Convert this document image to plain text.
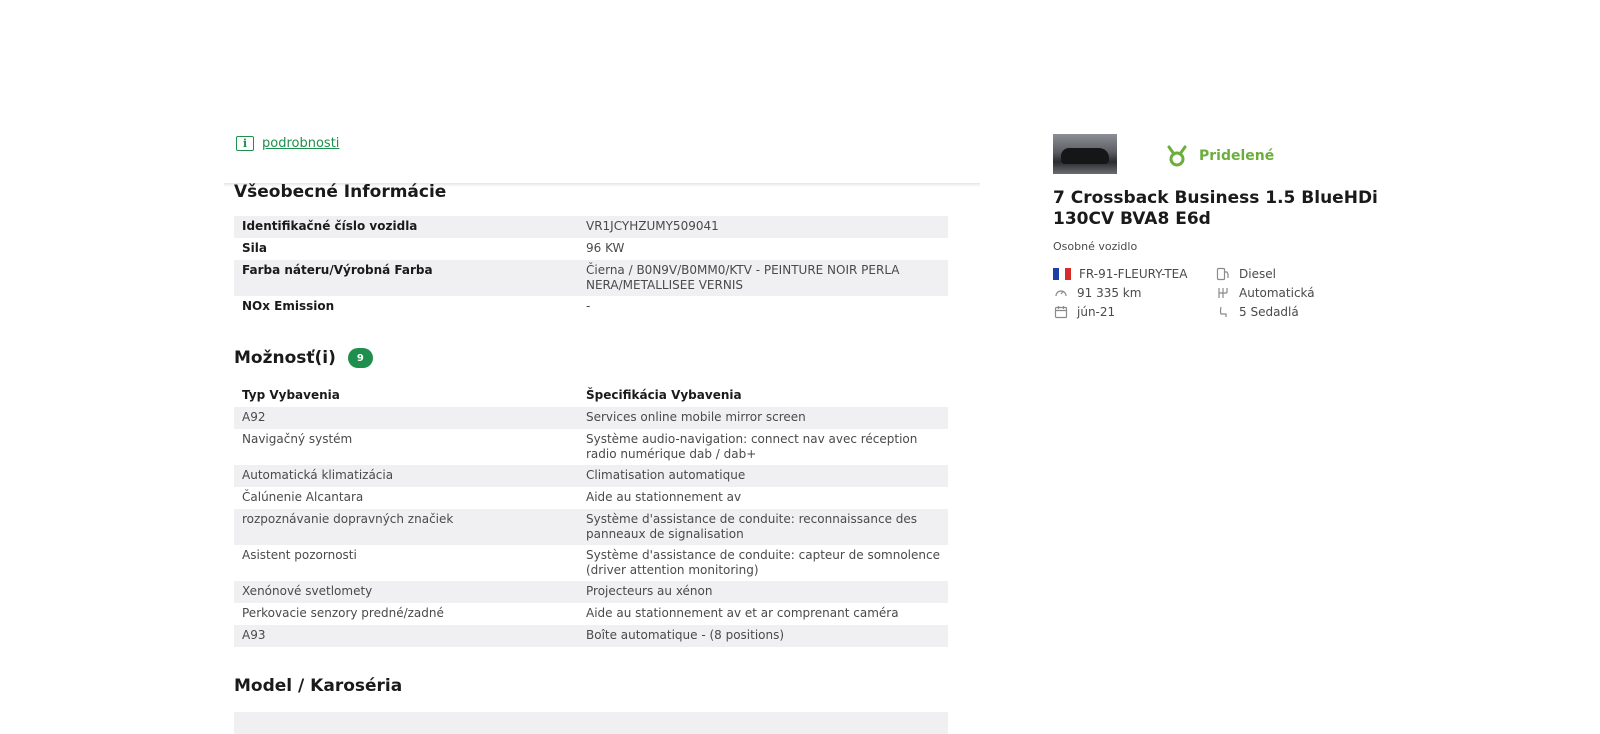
i	podrobnosti
Všeobecné Informácie
Identifikačné číslo vozidla	VR1JCYHZUMY509041
Sila	96 KW
Farba náteru/Výrobná Farba	Čierna / B0N9V/B0MM0/KTV - PEINTURE NOIR PERLA NERA/METALLISEE VERNIS
NOx Emission	-
Možnosť(i) 9
Typ Vybavenia	Špecifikácia Vybavenia
A92	Services online mobile mirror screen
Navigačný systém	Système audio-navigation: connect nav avec réception radio numérique dab / dab+
Automatická klimatizácia	Climatisation automatique
Čalúnenie Alcantara	Aide au stationnement av
rozpoznávanie dopravných značiek	Système d'assistance de conduite: reconnaissance des panneaux de signalisation
Asistent pozornosti	Système d'assistance de conduite: capteur de somnolence (driver attention monitoring)
Xenónové svetlomety	Projecteurs au xénon
Perkovacie senzory predné/zadné	Aide au stationnement av et ar comprenant caméra
A93	Boîte automatique - (8 positions)
Model / Karoséria
Pridelené
7 Crossback Business 1.5 BlueHDi 130CV BVA8 E6d
Osobné vozidlo
FR-91-FLEURY-TEA	Diesel
91 335 km	Automatická
jún-21	5 Sedadlá
